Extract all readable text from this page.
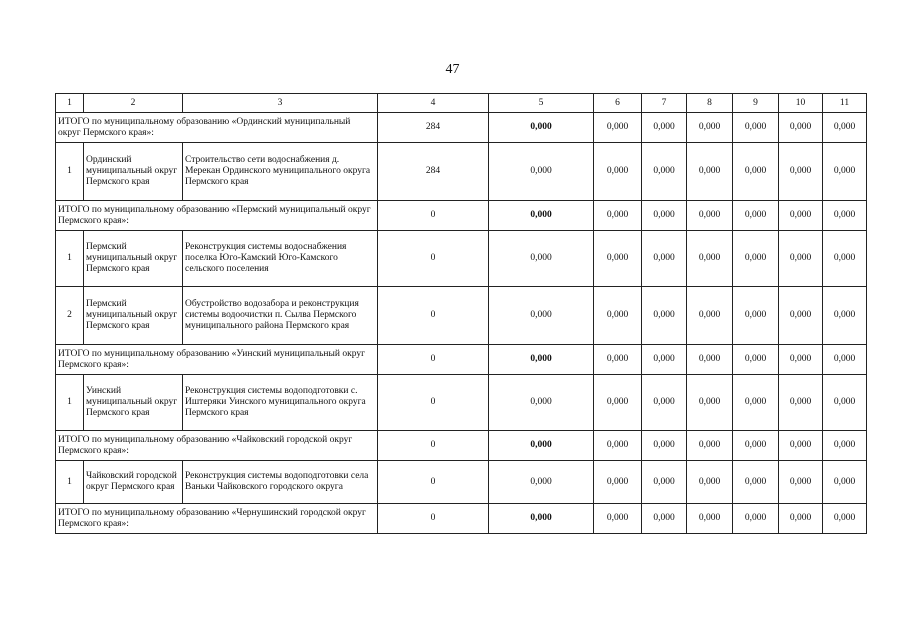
47
1	2	3	4	5	6	7	8	9	10	11
ИТОГО по муниципальному образованию «Ординский муниципальный округ Пермского края»:			284	0,000	0,000	0,000	0,000	0,000	0,000	0,000
1	Ординский муниципальный округ Пермского края	Строительство сети водоснабжения д. Мерекан Ординского муниципального округа Пермского края	284	0,000	0,000	0,000	0,000	0,000	0,000	0,000
ИТОГО по муниципальному образованию «Пермский муниципальный округ Пермского края»:			0	0,000	0,000	0,000	0,000	0,000	0,000	0,000
1	Пермский муниципальный округ Пермского края	Реконструкция системы водоснабжения поселка Юго-Камский Юго-Камского сельского поселения	0	0,000	0,000	0,000	0,000	0,000	0,000	0,000
2	Пермский муниципальный округ Пермского края	Обустройство водозабора и реконструкция системы водоочистки п. Сылва Пермского муниципального района Пермского края	0	0,000	0,000	0,000	0,000	0,000	0,000	0,000
ИТОГО по муниципальному образованию «Уинский муниципальный округ Пермского края»:			0	0,000	0,000	0,000	0,000	0,000	0,000	0,000
1	Уинский муниципальный округ Пермского края	Реконструкция системы водоподготовки с. Иштеряки Уинского муниципального округа Пермского края	0	0,000	0,000	0,000	0,000	0,000	0,000	0,000
ИТОГО по муниципальному образованию «Чайковский городской округ Пермского края»:			0	0,000	0,000	0,000	0,000	0,000	0,000	0,000
1	Чайковский городской округ Пермского края	Реконструкция системы водоподготовки села Ваньки Чайковского городского округа	0	0,000	0,000	0,000	0,000	0,000	0,000	0,000
ИТОГО по муниципальному образованию «Чернушинский городской округ Пермского края»:			0	0,000	0,000	0,000	0,000	0,000	0,000	0,000
